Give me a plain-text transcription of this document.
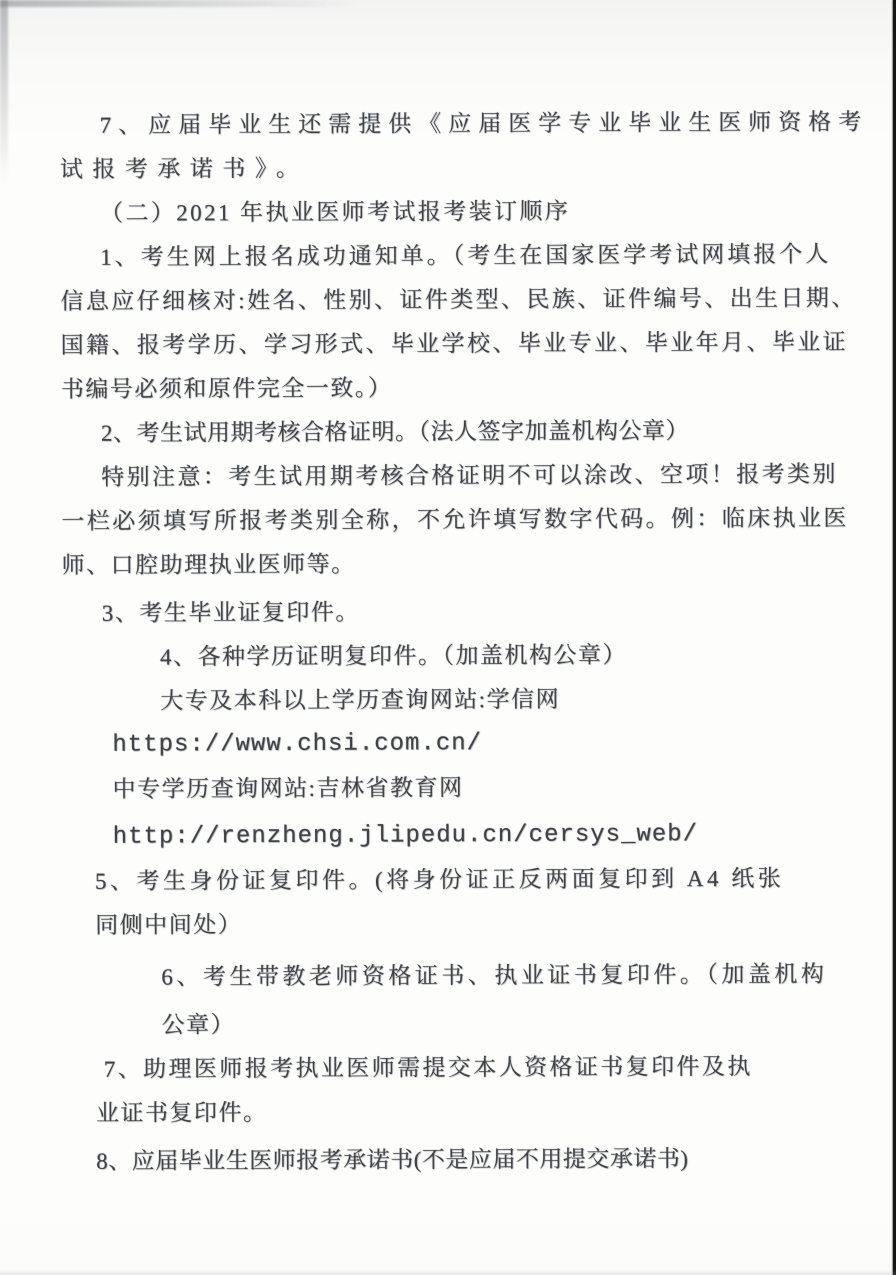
7、应届毕业生还需提供《应届医学专业毕业生医师资格考

试报考承诺书》。

（二）2021 年执业医师考试报考装订顺序

1、考生网上报名成功通知单。（考生在国家医学考试网填报个人

信息应仔细核对:姓名、性别、证件类型、民族、证件编号、出生日期、

国籍、报考学历、学习形式、毕业学校、毕业专业、毕业年月、毕业证

书编号必须和原件完全一致。）

2、考生试用期考核合格证明。（法人签字加盖机构公章）

特别注意：考生试用期考核合格证明不可以涂改、空项！报考类别

一栏必须填写所报考类别全称，不允许填写数字代码。例：临床执业医

师、口腔助理执业医师等。

3、考生毕业证复印件。

4、各种学历证明复印件。（加盖机构公章）

大专及本科以上学历查询网站:学信网

https://www.chsi.com.cn/

中专学历查询网站:吉林省教育网

http://renzheng.jlipedu.cn/cersys_web/

5、考生身份证复印件。(将身份证正反两面复印到 A4 纸张

同侧中间处）

6、考生带教老师资格证书、执业证书复印件。（加盖机构

公章）

7、助理医师报考执业医师需提交本人资格证书复印件及执

业证书复印件。

8、应届毕业生医师报考承诺书(不是应届不用提交承诺书)
